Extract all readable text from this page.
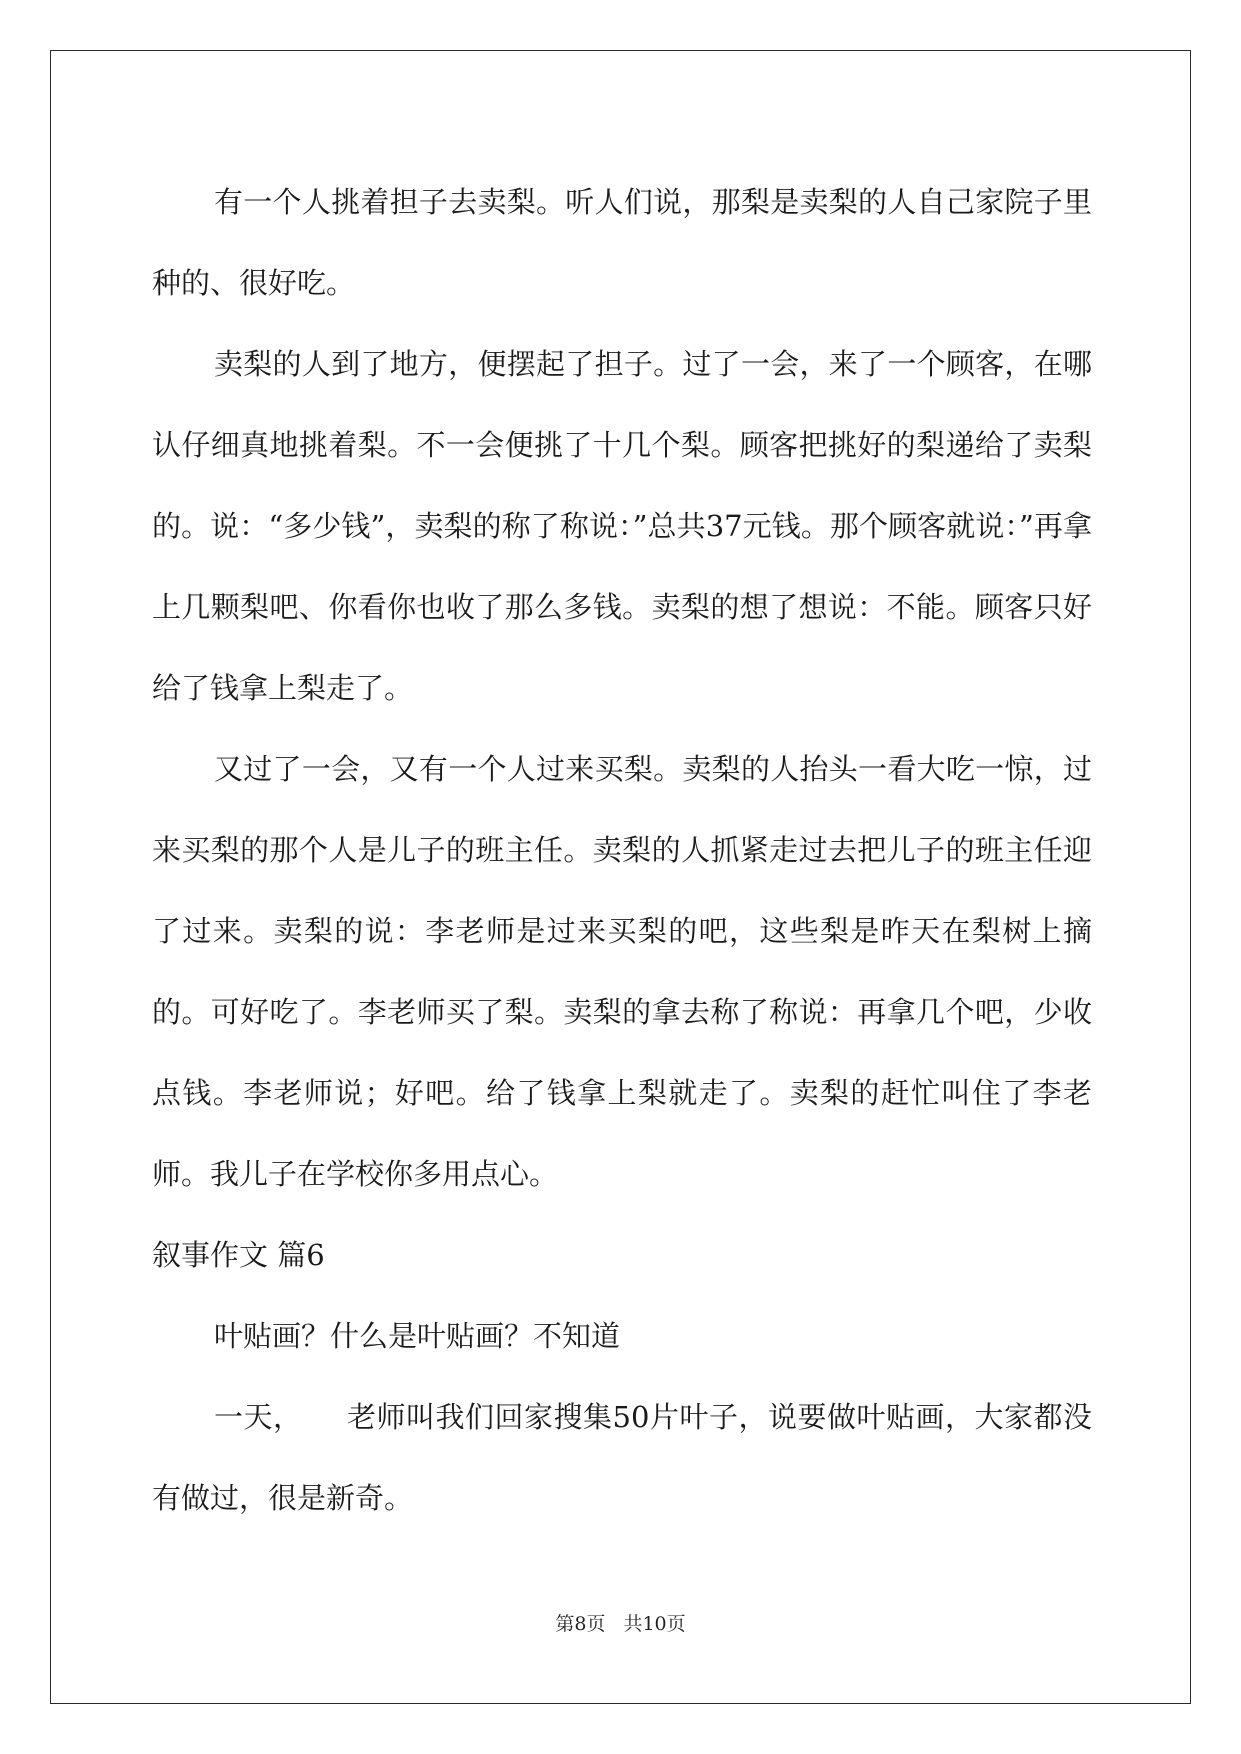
有一个人挑着担子去卖梨。听人们说，那梨是卖梨的人自己家院子里种的、很好吃。

卖梨的人到了地方，便摆起了担子。过了一会，来了一个顾客，在哪认仔细真地挑着梨。不一会便挑了十几个梨。顾客把挑好的梨递给了卖梨的。说：“多少钱”，卖梨的称了称说：”总共37元钱。那个顾客就说：”再拿上几颗梨吧、你看你也收了那么多钱。卖梨的想了想说：不能。顾客只好给了钱拿上梨走了。

又过了一会，又有一个人过来买梨。卖梨的人抬头一看大吃一惊，过来买梨的那个人是儿子的班主任。卖梨的人抓紧走过去把儿子的班主任迎了过来。卖梨的说：李老师是过来买梨的吧，这些梨是昨天在梨树上摘的。可好吃了。李老师买了梨。卖梨的拿去称了称说：再拿几个吧，少收点钱。李老师说；好吧。给了钱拿上梨就走了。卖梨的赶忙叫住了李老师。我儿子在学校你多用点心。

叙事作文 篇6

叶贴画？什么是叶贴画？不知道

一天，　　老师叫我们回家搜集50片叶子，说要做叶贴画，大家都没有做过，很是新奇。

第8页 共10页
